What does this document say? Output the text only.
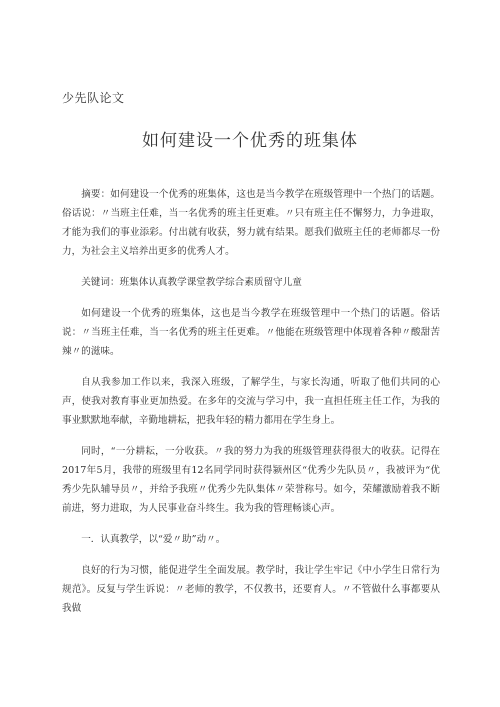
少先队论文
如何建设一个优秀的班集体

摘要：如何建设一个优秀的班集体，这也是当今教学在班级管理中一个热门的话题。俗话说：〃当班主任难，当一名优秀的班主任更难。〃只有班主任不懈努力，力争进取，才能为我们的事业添彩。付出就有收获，努力就有结果。愿我们做班主任的老师都尽一份力，为社会主义培养出更多的优秀人才。

关键词：班集体认真教学课堂教学综合素质留守儿童

如何建设一个优秀的班集体，这也是当今教学在班级管理中一个热门的话题。俗话说：〃当班主任难，当一名优秀的班主任更难。〃他能在班级管理中体现着各种〃酸甜苦辣〃的滋味。

自从我参加工作以来，我深入班级，了解学生，与家长沟通，听取了他们共同的心声，使我对教育事业更加热爱。在多年的交流与学习中，我一直担任班主任工作，为我的事业默默地奉献，辛勤地耕耘，把我年轻的精力都用在学生身上。

同时，“一分耕耘，一分收获。〃我的努力为我的班级管理获得很大的收获。记得在2017年5月，我带的班级里有12名同学同时获得颍州区“优秀少先队员〃，我被评为“优秀少先队辅导员〃，并给予我班〃优秀少先队集体〃荣誉称号。如今，荣耀激励着我不断前进，努力进取，为人民事业奋斗终生。我为我的管理畅谈心声。

一．认真教学，以“爱〃助”动〃。

良好的行为习惯，能促进学生全面发展。教学时，我让学生牢记《中小学生日常行为规范》。反复与学生诉说：〃老师的教学，不仅教书，还要育人。〃不管做什么事都要从我做
